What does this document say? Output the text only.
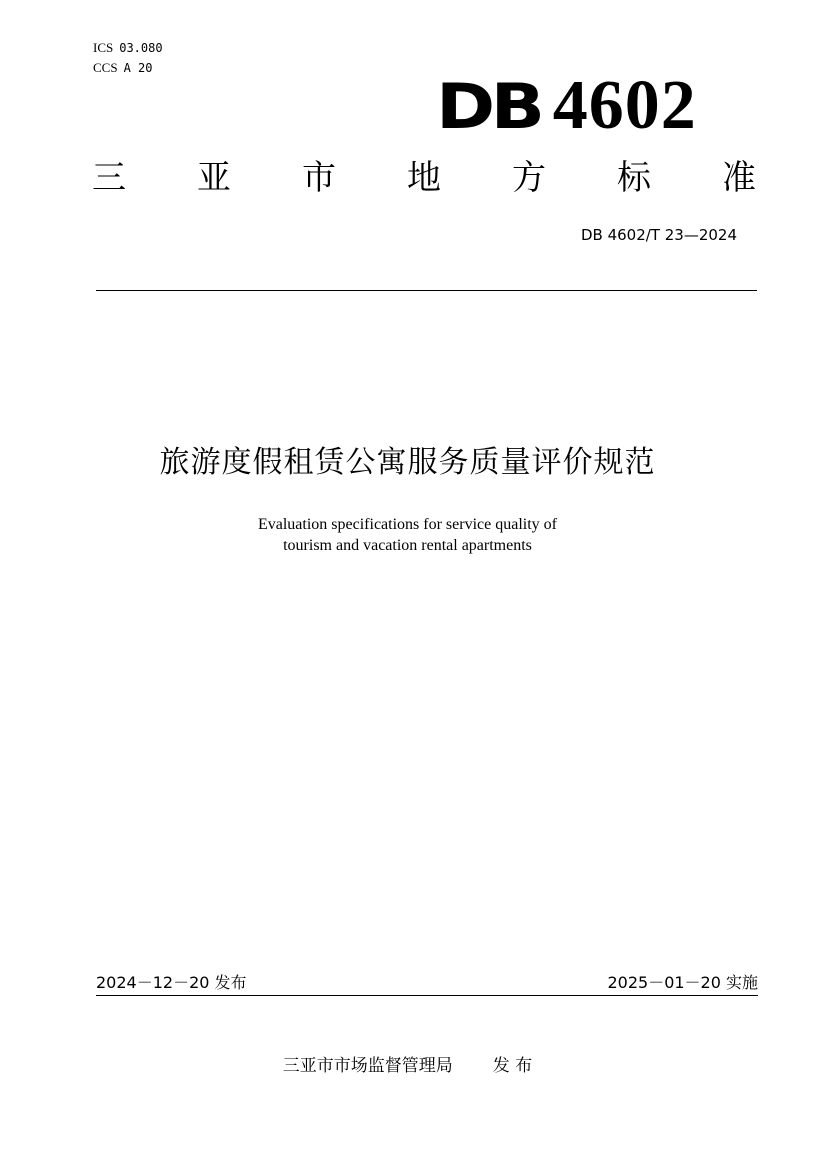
ICS 03.080
CCS A 20
DB 4602
三 亚 市 地 方 标 准
DB 4602/T 23—2024
旅游度假租赁公寓服务质量评价规范
Evaluation specifications for service quality of
tourism and vacation rental apartments
2024－12－20 发布	2025－01－20 实施
三亚市市场监督管理局 发 布
